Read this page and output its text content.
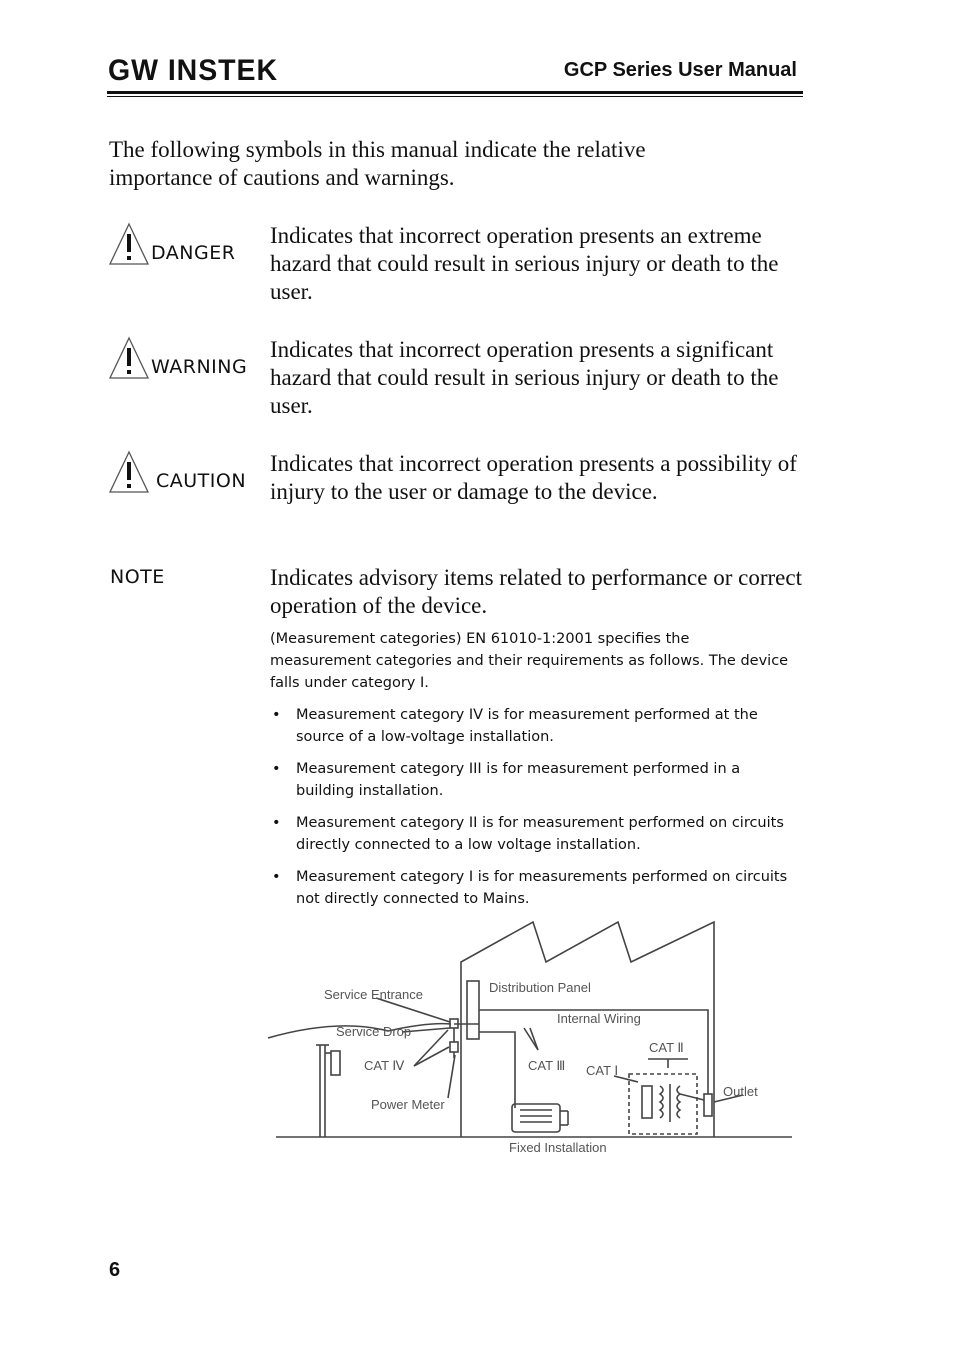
GW INSTEK	GCP Series User Manual

The following symbols in this manual indicate the relative importance of cautions and warnings.

DANGER

Indicates that incorrect operation presents an extreme hazard that could result in serious injury or death to the user.

WARNING

Indicates that incorrect operation presents a significant hazard that could result in serious injury or death to the user.

CAUTION

Indicates that incorrect operation presents a possibility of injury to the user or damage to the device.

NOTE	Indicates advisory items related to performance or correct operation of the device.

(Measurement categories) EN 61010-1:2001 specifies the measurement categories and their requirements as follows. The device falls under category I.

• Measurement category IV is for measurement performed at the source of a low-voltage installation.
• Measurement category III is for measurement performed in a building installation.
• Measurement category II is for measurement performed on circuits directly connected to a low voltage installation.
• Measurement category I is for measurements performed on circuits not directly connected to Mains.
Service Entrance
Service Drop
CAT Ⅳ
Power Meter
Distribution Panel
Internal Wiring
CAT Ⅲ CAT Ⅰ
CAT Ⅱ
Outlet
Fixed Installation
6
